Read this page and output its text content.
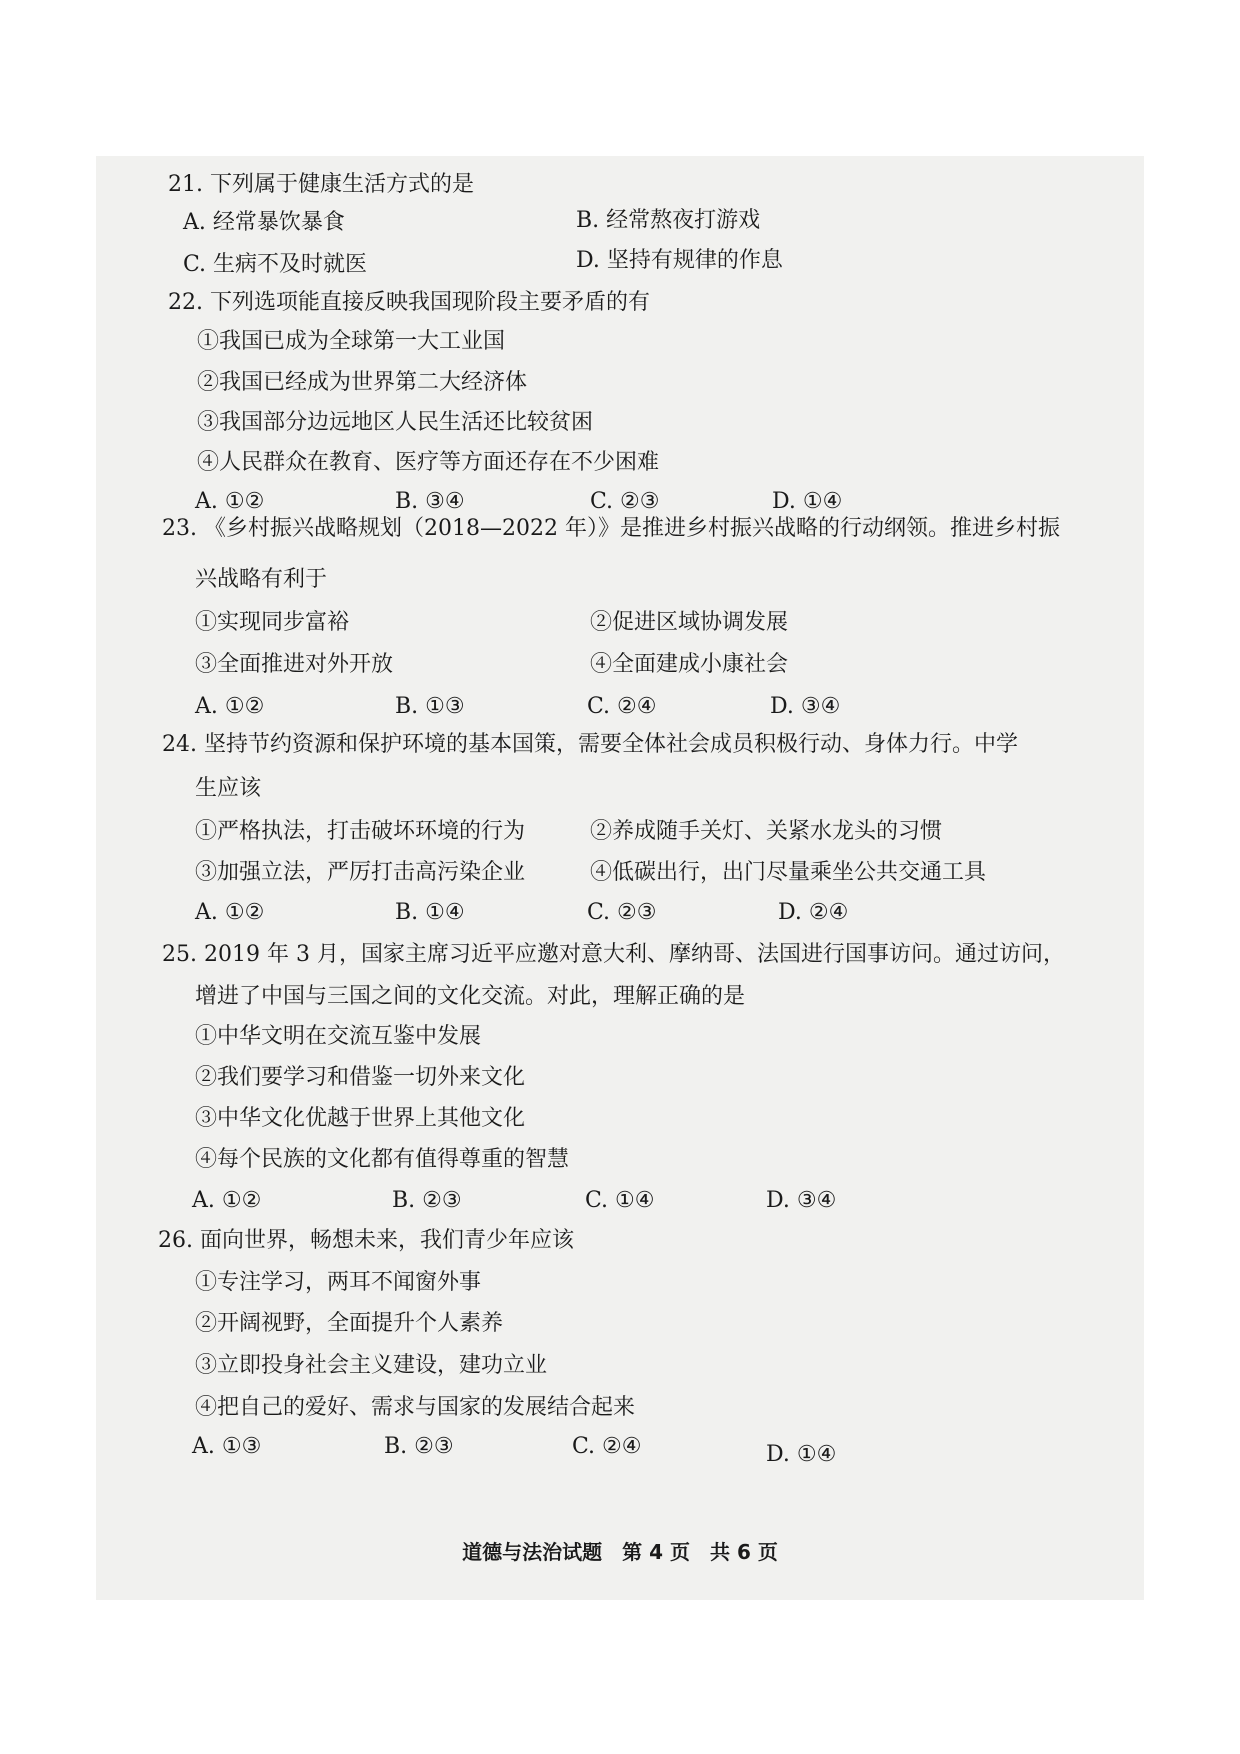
21. 下列属于健康生活方式的是
A. 经常暴饮暴食	B. 经常熬夜打游戏
C. 生病不及时就医	D. 坚持有规律的作息
22. 下列选项能直接反映我国现阶段主要矛盾的有
①我国已成为全球第一大工业国
②我国已经成为世界第二大经济体
③我国部分边远地区人民生活还比较贫困
④人民群众在教育、医疗等方面还存在不少困难
A. ①②	B. ③④	C. ②③	D. ①④
23. 《乡村振兴战略规划（2018—2022 年）》是推进乡村振兴战略的行动纲领。推进乡村振
兴战略有利于
①实现同步富裕	②促进区域协调发展
③全面推进对外开放	④全面建成小康社会
A. ①②	B. ①③	C. ②④	D. ③④
24. 坚持节约资源和保护环境的基本国策，需要全体社会成员积极行动、身体力行。中学
生应该
①严格执法，打击破坏环境的行为	②养成随手关灯、关紧水龙头的习惯
③加强立法，严厉打击高污染企业	④低碳出行，出门尽量乘坐公共交通工具
A. ①②	B. ①④	C. ②③	D. ②④
25. 2019 年 3 月，国家主席习近平应邀对意大利、摩纳哥、法国进行国事访问。通过访问，
增进了中国与三国之间的文化交流。对此，理解正确的是
①中华文明在交流互鉴中发展
②我们要学习和借鉴一切外来文化
③中华文化优越于世界上其他文化
④每个民族的文化都有值得尊重的智慧
A. ①②	B. ②③	C. ①④	D. ③④
26. 面向世界，畅想未来，我们青少年应该
①专注学习，两耳不闻窗外事
②开阔视野，全面提升个人素养
③立即投身社会主义建设，建功立业
④把自己的爱好、需求与国家的发展结合起来
A. ①③	B. ②③	C. ②④	D. ①④
道德与法治试题　第 4 页　共 6 页
